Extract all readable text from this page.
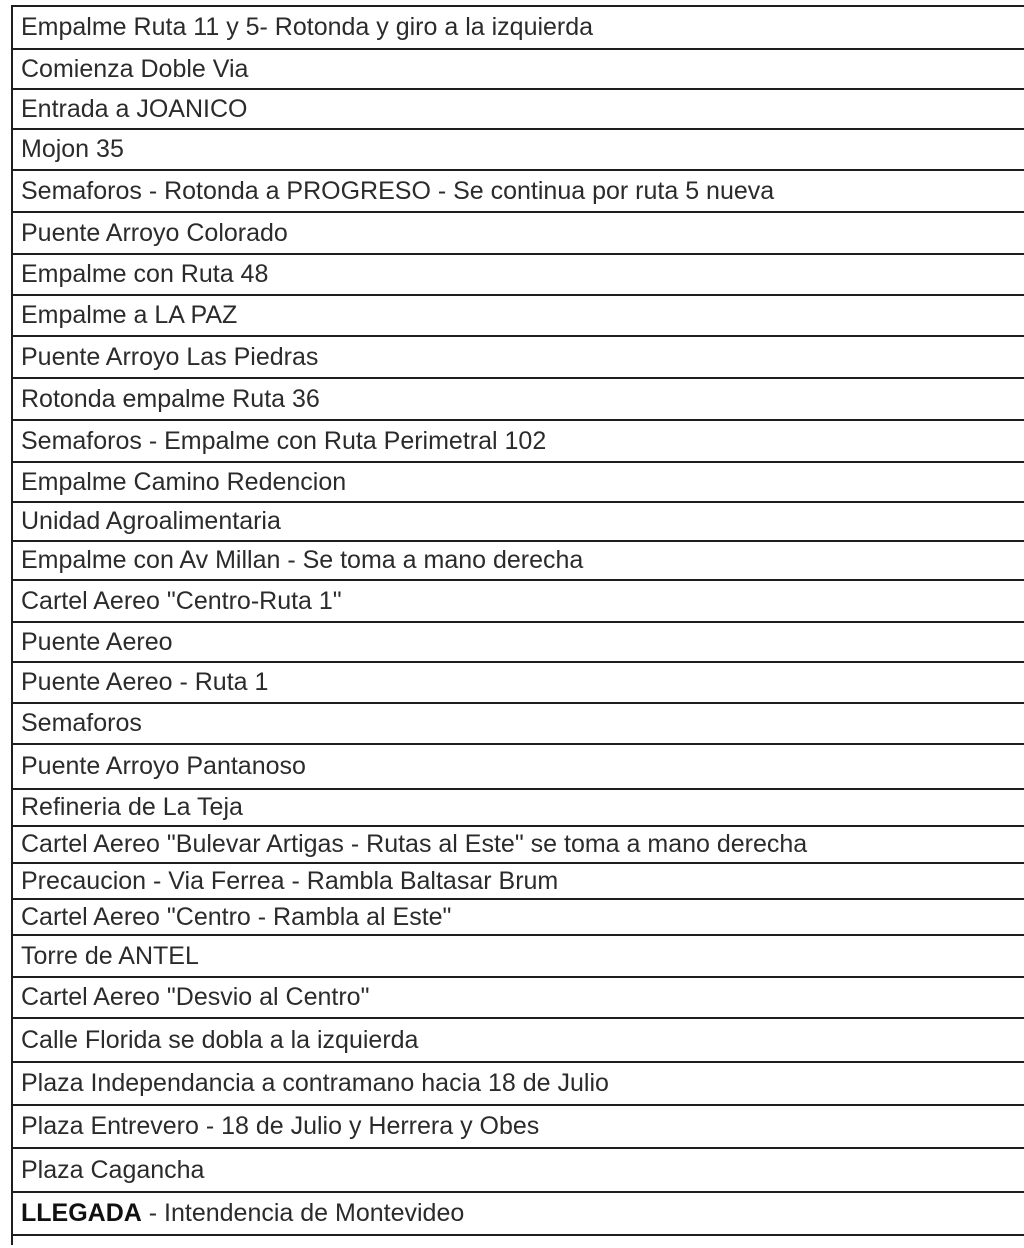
Empalme Ruta 11 y 5- Rotonda y giro a la izquierda
Comienza Doble Via
Entrada a JOANICO
Mojon 35
Semaforos - Rotonda a PROGRESO - Se continua por ruta 5 nueva
Puente Arroyo Colorado
Empalme con Ruta 48
Empalme a LA PAZ
Puente Arroyo Las Piedras
Rotonda empalme Ruta 36
Semaforos - Empalme con Ruta Perimetral 102
Empalme Camino Redencion
Unidad Agroalimentaria
Empalme con Av Millan - Se toma a mano derecha
Cartel Aereo "Centro-Ruta 1"
Puente Aereo
Puente Aereo - Ruta 1
Semaforos
Puente Arroyo Pantanoso
Refineria de La Teja
Cartel Aereo "Bulevar Artigas - Rutas al Este" se toma a mano derecha
Precaucion - Via Ferrea - Rambla Baltasar Brum
Cartel Aereo "Centro - Rambla al Este"
Torre de ANTEL
Cartel Aereo "Desvio al Centro"
Calle Florida se dobla a la izquierda
Plaza Independancia a contramano hacia 18 de Julio
Plaza Entrevero - 18 de Julio y Herrera y Obes
Plaza Cagancha
LLEGADA - Intendencia de Montevideo
